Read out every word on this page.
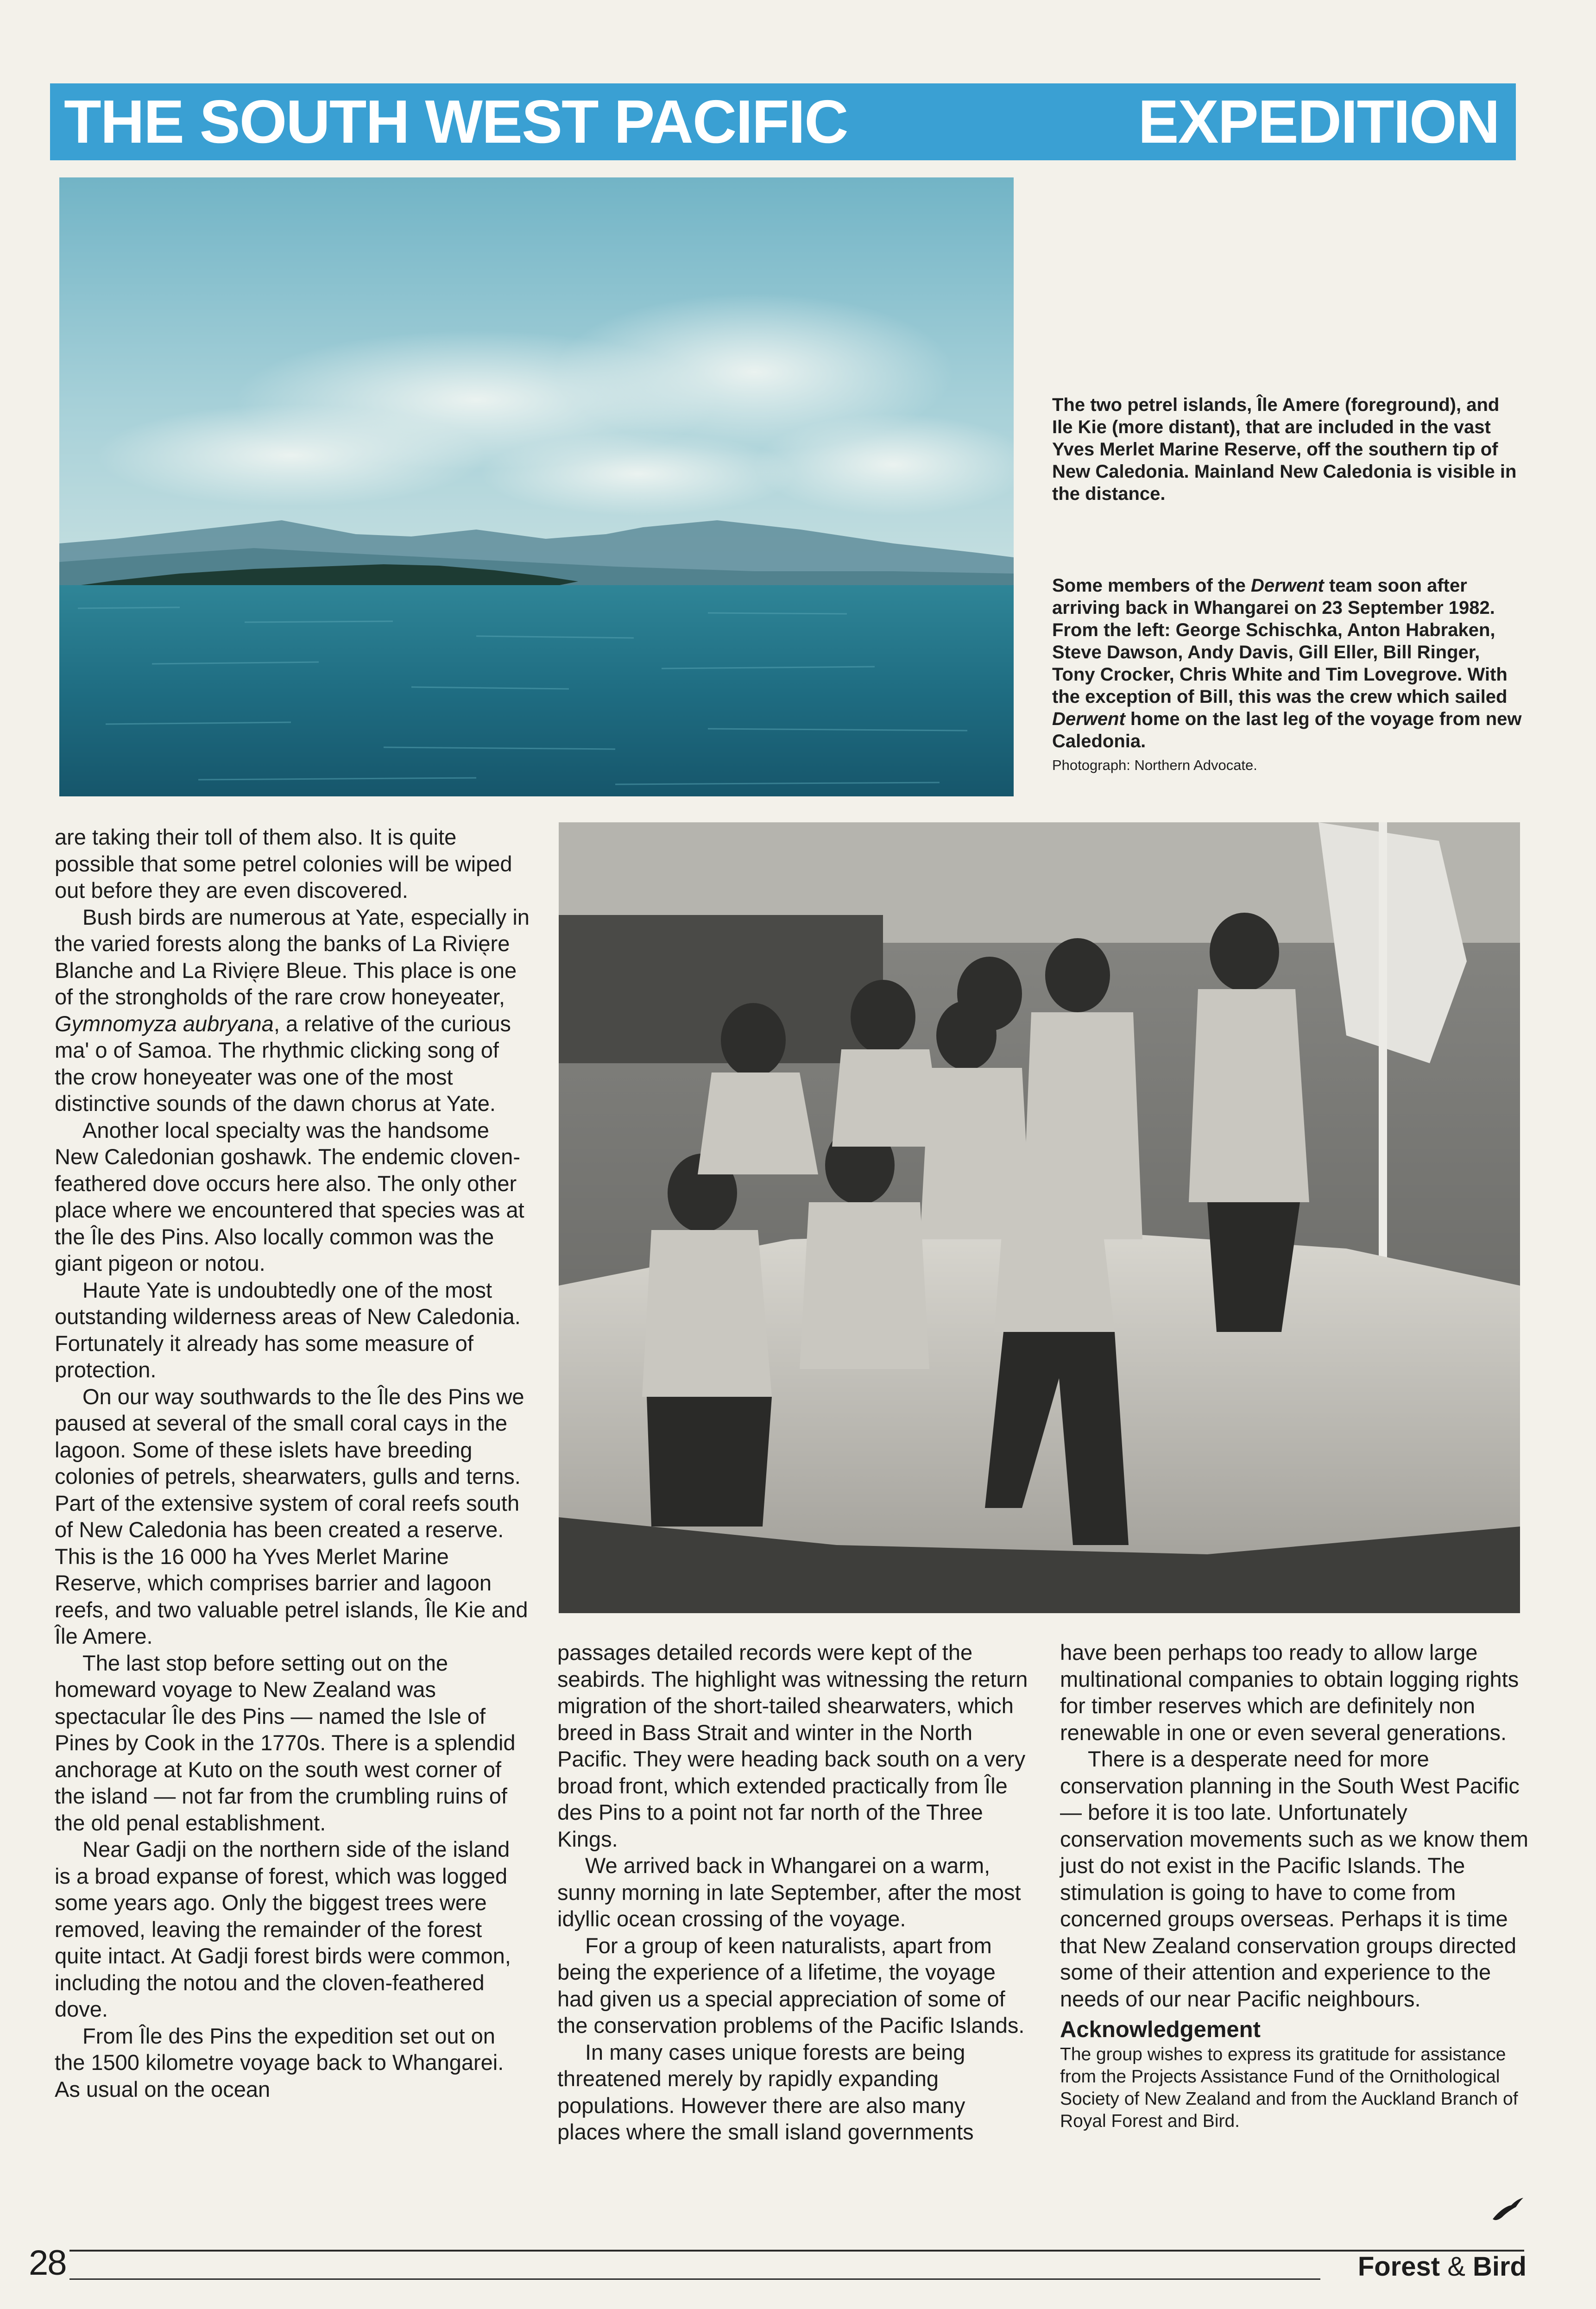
THE SOUTH WEST PACIFIC	EXPEDITION
The two petrel islands, Île Amere (foreground), and Ile Kie (more distant), that are included in the vast Yves Merlet Marine Reserve, off the southern tip of New Caledonia. Mainland New Caledonia is visible in the distance.
Some members of the Derwent team soon after arriving back in Whangarei on 23 September 1982. From the left: George Schischka, Anton Habraken, Steve Dawson, Andy Davis, Gill Eller, Bill Ringer, Tony Crocker, Chris White and Tim Lovegrove. With the exception of Bill, this was the crew which sailed Derwent home on the last leg of the voyage from new Caledonia.
Photograph: Northern Advocate.

are taking their toll of them also. It is quite possible that some petrel colonies will be wiped out before they are even discovered.

Bush birds are numerous at Yate, especially in the varied forests along the banks of La Rivie̖re Blanche and La Rivie̖re Bleue. This place is one of the strongholds of the rare crow honeyeater, Gymnomyza aubryana, a relative of the curious ma' o of Samoa. The rhythmic clicking song of the crow honeyeater was one of the most distinctive sounds of the dawn chorus at Yate.

Another local specialty was the handsome New Caledonian goshawk. The endemic cloven-feathered dove occurs here also. The only other place where we encountered that species was at the Île des Pins. Also locally common was the giant pigeon or notou.

Haute Yate is undoubtedly one of the most outstanding wilderness areas of New Caledonia. Fortunately it already has some measure of protection.

On our way southwards to the Île des Pins we paused at several of the small coral cays in the lagoon. Some of these islets have breeding colonies of petrels, shearwaters, gulls and terns. Part of the extensive system of coral reefs south of New Caledonia has been created a reserve. This is the 16 000 ha Yves Merlet Marine Reserve, which comprises barrier and lagoon reefs, and two valuable petrel islands, Île Kie and Île Amere.

The last stop before setting out on the homeward voyage to New Zealand was spectacular Île des Pins — named the Isle of Pines by Cook in the 1770s. There is a splendid anchorage at Kuto on the south west corner of the island — not far from the crumbling ruins of the old penal establishment.

Near Gadji on the northern side of the island is a broad expanse of forest, which was logged some years ago. Only the biggest trees were removed, leaving the remainder of the forest quite intact. At Gadji forest birds were common, including the notou and the cloven-feathered dove.

From Île des Pins the expedition set out on the 1500 kilometre voyage back to Whangarei. As usual on the ocean

passages detailed records were kept of the seabirds. The highlight was witnessing the return migration of the short-tailed shearwaters, which breed in Bass Strait and winter in the North Pacific. They were heading back south on a very broad front, which extended practically from Île des Pins to a point not far north of the Three Kings.

We arrived back in Whangarei on a warm, sunny morning in late September, after the most idyllic ocean crossing of the voyage.

For a group of keen naturalists, apart from being the experience of a lifetime, the voyage had given us a special appreciation of some of the conservation problems of the Pacific Islands.

In many cases unique forests are being threatened merely by rapidly expanding populations. However there are also many places where the small island governments

have been perhaps too ready to allow large multinational companies to obtain logging rights for timber reserves which are definitely non renewable in one or even several generations.

There is a desperate need for more conservation planning in the South West Pacific — before it is too late. Unfortunately conservation movements such as we know them just do not exist in the Pacific Islands. The stimulation is going to have to come from concerned groups overseas. Perhaps it is time that New Zealand conservation groups directed some of their attention and experience to the needs of our near Pacific neighbours.

Acknowledgement
The group wishes to express its gratitude for assistance from the Projects Assistance Fund of the Ornithological Society of New Zealand and from the Auckland Branch of Royal Forest and Bird.
28	Forest & Bird
